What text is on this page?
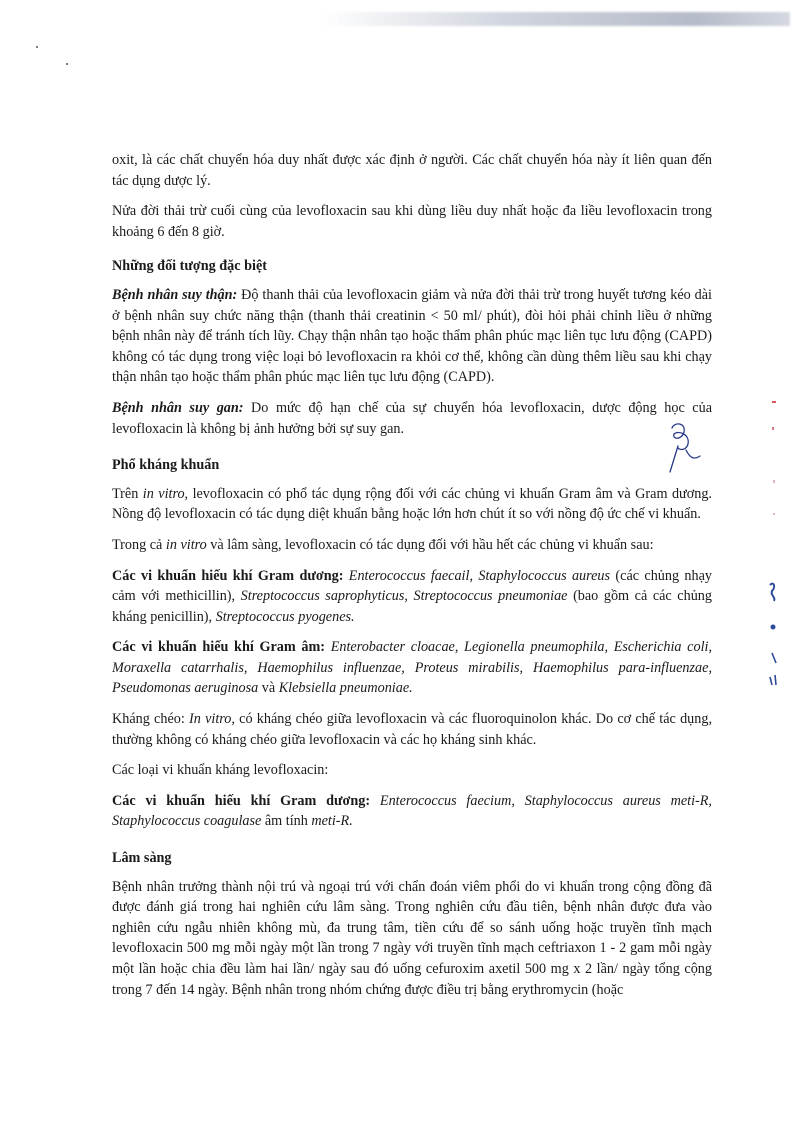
oxit, là các chất chuyển hóa duy nhất được xác định ở người. Các chất chuyển hóa này ít liên quan đến tác dụng dược lý.

Nửa đời thải trừ cuối cùng của levofloxacin sau khi dùng liều duy nhất hoặc đa liều levofloxacin trong khoảng 6 đến 8 giờ.

Những đối tượng đặc biệt

Bệnh nhân suy thận: Độ thanh thải của levofloxacin giảm và nửa đời thải trừ trong huyết tương kéo dài ở bệnh nhân suy chức năng thận (thanh thải creatinin < 50 ml/ phút), đòi hỏi phải chỉnh liều ở những bệnh nhân này để tránh tích lũy. Chạy thận nhân tạo hoặc thẩm phân phúc mạc liên tục lưu động (CAPD) không có tác dụng trong việc loại bỏ levofloxacin ra khỏi cơ thể, không cần dùng thêm liều sau khi chạy thận nhân tạo hoặc thẩm phân phúc mạc liên tục lưu động (CAPD).

Bệnh nhân suy gan: Do mức độ hạn chế của sự chuyển hóa levofloxacin, dược động học của levofloxacin là không bị ảnh hưởng bởi sự suy gan.

Phổ kháng khuẩn

Trên in vitro, levofloxacin có phổ tác dụng rộng đối với các chủng vi khuẩn Gram âm và Gram dương. Nồng độ levofloxacin có tác dụng diệt khuẩn bằng hoặc lớn hơn chút ít so với nồng độ ức chế vi khuẩn.

Trong cả in vitro và lâm sàng, levofloxacin có tác dụng đối với hầu hết các chủng vi khuẩn sau:

Các vi khuẩn hiếu khí Gram dương: Enterococcus faecail, Staphylococcus aureus (các chủng nhạy cảm với methicillin), Streptococcus saprophyticus, Streptococcus pneumoniae (bao gồm cả các chủng kháng penicillin), Streptococcus pyogenes.

Các vi khuẩn hiếu khí Gram âm: Enterobacter cloacae, Legionella pneumophila, Escherichia coli, Moraxella catarrhalis, Haemophilus influenzae, Proteus mirabilis, Haemophilus para-influenzae, Pseudomonas aeruginosa và Klebsiella pneumoniae.

Kháng chéo: In vitro, có kháng chéo giữa levofloxacin và các fluoroquinolon khác. Do cơ chế tác dụng, thường không có kháng chéo giữa levofloxacin và các họ kháng sinh khác.

Các loại vi khuẩn kháng levofloxacin:

Các vi khuẩn hiếu khí Gram dương: Enterococcus faecium, Staphylococcus aureus meti-R, Staphylococcus coagulase âm tính meti-R.

Lâm sàng

Bệnh nhân trưởng thành nội trú và ngoại trú với chẩn đoán viêm phổi do vi khuẩn trong cộng đồng đã được đánh giá trong hai nghiên cứu lâm sàng. Trong nghiên cứu đầu tiên, bệnh nhân được đưa vào nghiên cứu ngẫu nhiên không mù, đa trung tâm, tiền cứu để so sánh uống hoặc truyền tĩnh mạch levofloxacin 500 mg mỗi ngày một lần trong 7 ngày với truyền tĩnh mạch ceftriaxon 1 - 2 gam mỗi ngày một lần hoặc chia đều làm hai lần/ ngày sau đó uống cefuroxim axetil 500 mg x 2 lần/ ngày tổng cộng trong 7 đến 14 ngày. Bệnh nhân trong nhóm chứng được điều trị bằng erythromycin (hoặc
